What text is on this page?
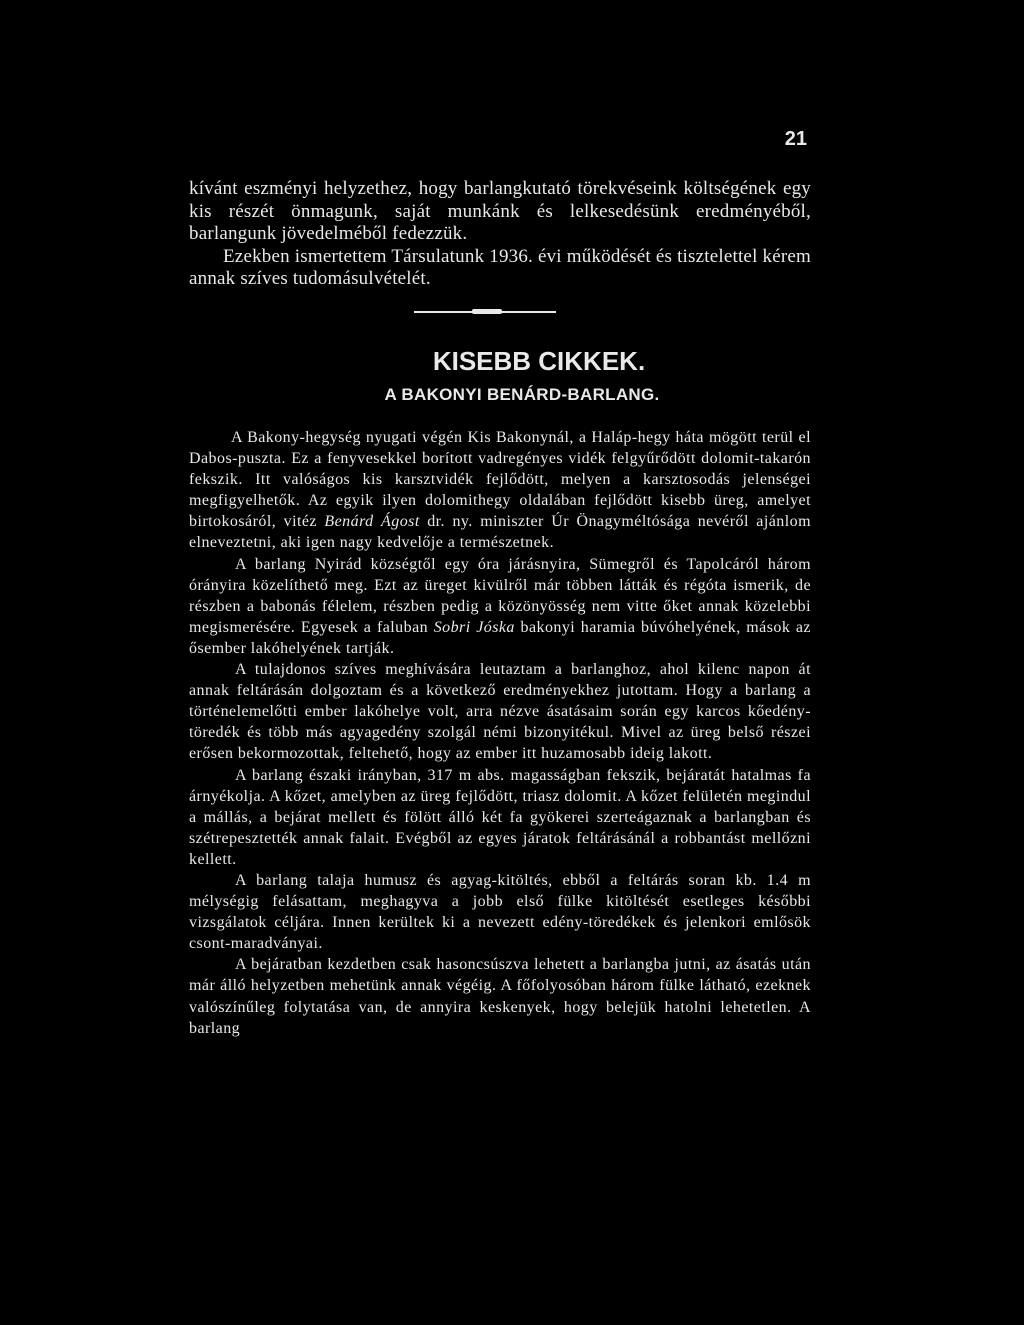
21

kívánt eszményi helyzethez, hogy barlangkutató törekvéseink költségének egy kis részét önmagunk, saját munkánk és lelkesedésünk eredményéből, barlangunk jövedelméből fedezzük.

Ezekben ismertettem Társulatunk 1936. évi működését és tisztelettel kérem annak szíves tudomásulvételét.

KISEBB CIKKEK.
A BAKONYI BENÁRD-BARLANG.

A Bakony-hegység nyugati végén Kis Bakonynál, a Haláp-hegy háta mögött terül el Dabos-puszta. Ez a fenyvesekkel borított vadregényes vidék felgyűrődött dolomit-takarón fekszik. Itt valóságos kis karsztvidék fejlődött, melyen a karsztosodás jelenségei megfigyelhetők. Az egyik ilyen dolomithegy oldalában fejlődött kisebb üreg, amelyet birtokosáról, vitéz Benárd Ágost dr. ny. miniszter Úr Önagyméltósága nevéről ajánlom elneveztetni, aki igen nagy kedvelője a természetnek.

A barlang Nyirád községtől egy óra járásnyira, Sümegről és Tapolcáról három órányira közelíthető meg. Ezt az üreget kivülről már többen látták és régóta ismerik, de részben a babonás félelem, részben pedig a közönyösség nem vitte őket annak közelebbi megismerésére. Egyesek a faluban Sobri Jóska bakonyi haramia búvóhelyének, mások az ősember lakóhelyének tartják.

A tulajdonos szíves meghívására leutaztam a barlanghoz, ahol kilenc napon át annak feltárásán dolgoztam és a következő eredményekhez jutottam. Hogy a barlang a történelemelőtti ember lakóhelye volt, arra nézve ásatásaim során egy karcos kőedény-töredék és több más agyagedény szolgál némi bizonyitékul. Mivel az üreg belső részei erősen bekormozottak, feltehető, hogy az ember itt huzamosabb ideig lakott.

A barlang északi irányban, 317 m abs. magasságban fekszik, bejáratát hatalmas fa árnyékolja. A kőzet, amelyben az üreg fejlődött, triasz dolomit. A kőzet felületén megindul a mállás, a bejárat mellett és fölött álló két fa gyökerei szerteágaznak a barlangban és szétrepesztették annak falait. Evégből az egyes járatok feltárásánál a robbantást mellőzni kellett.

A barlang talaja humusz és agyag-kitöltés, ebből a feltárás soran kb. 1.4 m mélységig felásattam, meghagyva a jobb első fülke kitöltését esetleges későbbi vizsgálatok céljára. Innen kerültek ki a nevezett edény-töredékek és jelenkori emlősök csont-maradványai.

A bejáratban kezdetben csak hasoncsúszva lehetett a barlangba jutni, az ásatás után már álló helyzetben mehetünk annak végéig. A főfolyosóban három fülke látható, ezeknek valószínűleg folytatása van, de annyira keskenyek, hogy belejük hatolni lehetetlen. A barlang
